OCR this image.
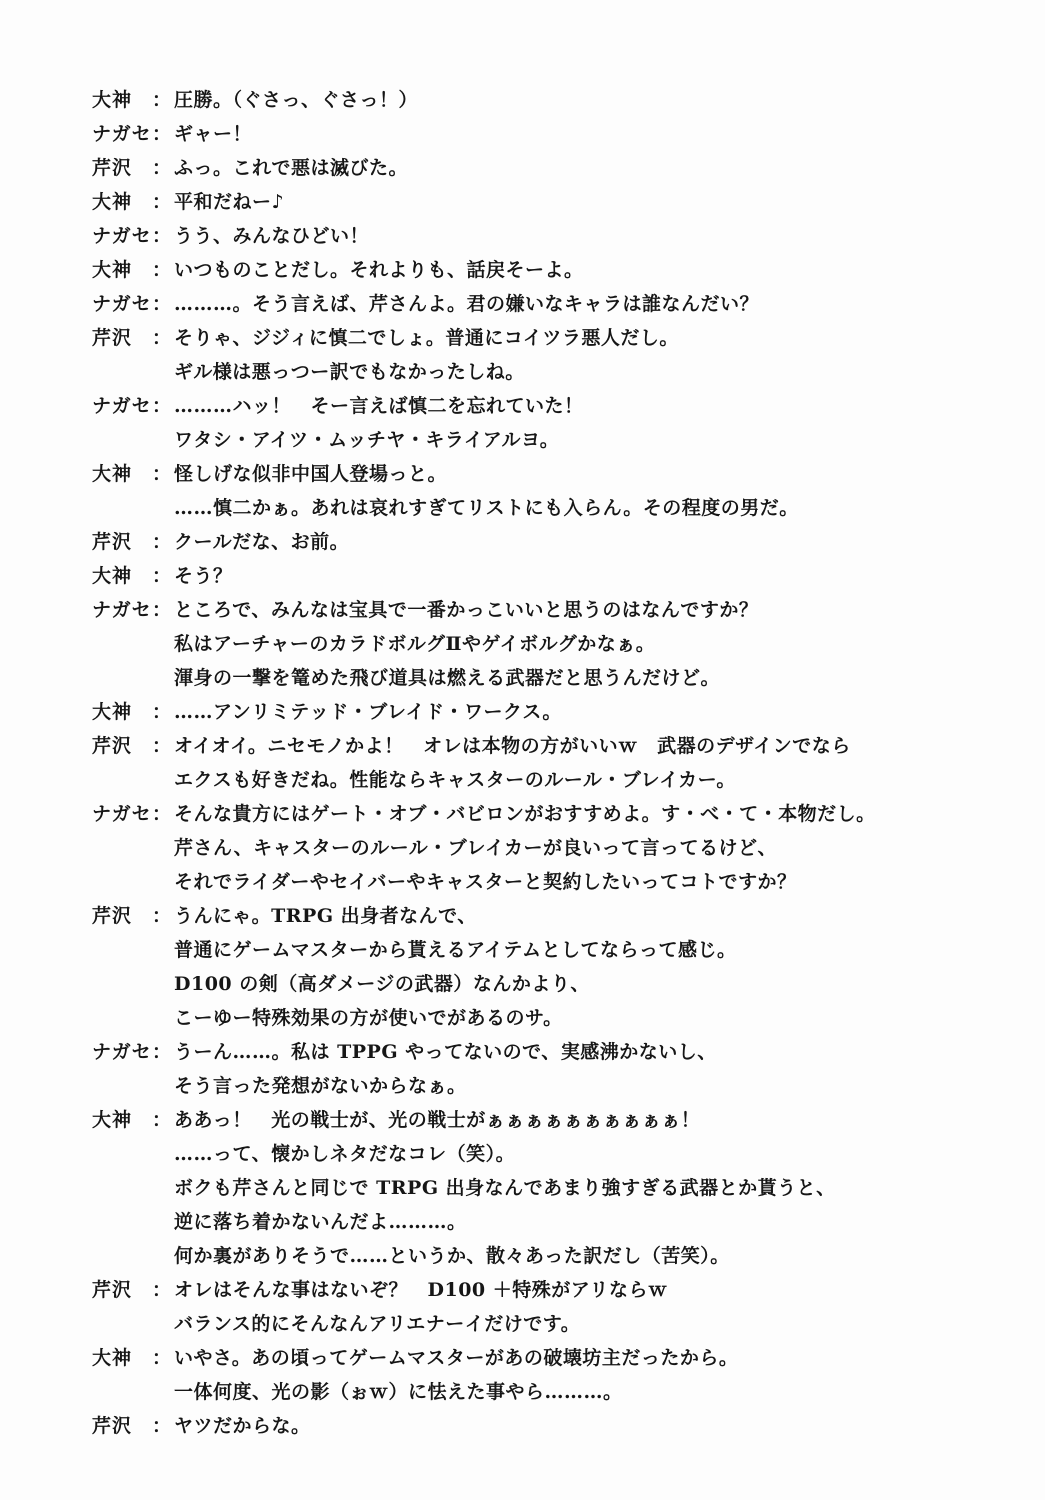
大神	： 圧勝。（ぐさっ、ぐさっ！）
ナガセ ： ギャー！
芹沢	： ふっ。これで悪は滅びた。
大神	： 平和だねー♪
ナガセ ： うう、みんなひどい！
大神	： いつものことだし。それよりも、話戻そーよ。
ナガセ ： ………。そう言えば、芹さんよ。君の嫌いなキャラは誰なんだい？
芹沢	： そりゃ、ジジィに慎二でしょ。普通にコイツラ悪人だし。
ギル様は悪っつー訳でもなかったしね。
ナガセ ： ………ハッ！　そー言えば慎二を忘れていた！
ワタシ・アイツ・ムッチヤ・キライアルヨ。
大神	： 怪しげな似非中国人登場っと。
……慎二かぁ。あれは哀れすぎてリストにも入らん。その程度の男だ。
芹沢	： クールだな、お前。
大神	： そう？
ナガセ ： ところで、みんなは宝具で一番かっこいいと思うのはなんですか？
私はアーチャーのカラドボルグⅡやゲイボルグかなぁ。
渾身の一撃を篭めた飛び道具は燃える武器だと思うんだけど。
大神	： ……アンリミテッド・ブレイド・ワークス。
芹沢	： オイオイ。ニセモノかよ！　オレは本物の方がいいｗ　武器のデザインでなら
エクスも好きだね。性能ならキャスターのルール・ブレイカー。
ナガセ ： そんな貴方にはゲート・オブ・バビロンがおすすめよ。す・べ・て・本物だし。
芹さん、キャスターのルール・ブレイカーが良いって言ってるけど、
それでライダーやセイバーやキャスターと契約したいってコトですか？
芹沢	： うんにゃ。TRPG 出身者なんで、
普通にゲームマスターから貰えるアイテムとしてならって感じ。
D100 の剣（高ダメージの武器）なんかより、
こーゆー特殊効果の方が使いでがあるのサ。
ナガセ ： うーん……。私は TPPG やってないので、実感沸かないし、
そう言った発想がないからなぁ。
大神	： ああっ！　光の戦士が、光の戦士がぁぁぁぁぁぁぁぁぁぁ！
……って、懐かしネタだなコレ（笑）。
ボクも芹さんと同じで TRPG 出身なんであまり強すぎる武器とか貰うと、
逆に落ち着かないんだよ………。
何か裏がありそうで……というか、散々あった訳だし（苦笑）。
芹沢	： オレはそんな事はないぞ？　D100 ＋特殊がアリならｗ
バランス的にそんなんアリエナーイだけです。
大神	： いやさ。あの頃ってゲームマスターがあの破壊坊主だったから。
一体何度、光の影（ぉｗ）に怯えた事やら………。
芹沢	： ヤツだからな。
